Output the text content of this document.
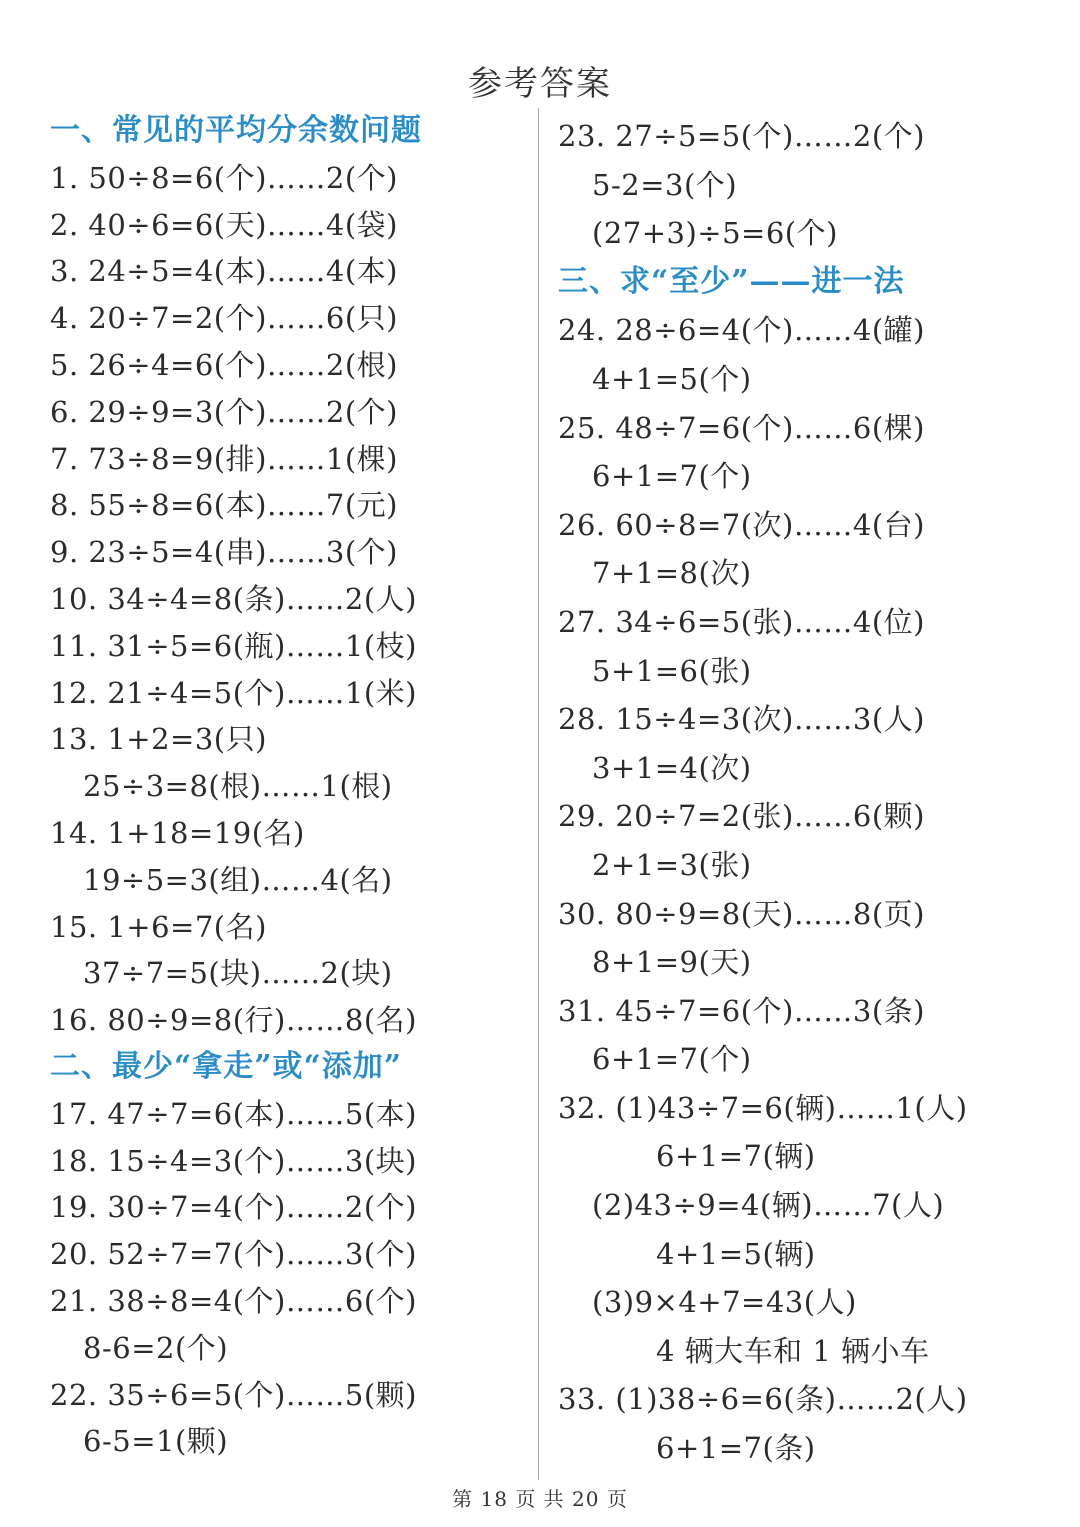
参考答案
一、常见的平均分余数问题
1. 50÷8=6(个)……2(个)
2. 40÷6=6(天)……4(袋)
3. 24÷5=4(本)……4(本)
4. 20÷7=2(个)……6(只)
5. 26÷4=6(个)……2(根)
6. 29÷9=3(个)……2(个)
7. 73÷8=9(排)……1(棵)
8. 55÷8=6(本)……7(元)
9. 23÷5=4(串)……3(个)
10. 34÷4=8(条)……2(人)
11. 31÷5=6(瓶)……1(枝)
12. 21÷4=5(个)……1(米)
13. 1+2=3(只)
25÷3=8(根)……1(根)
14. 1+18=19(名)
19÷5=3(组)……4(名)
15. 1+6=7(名)
37÷7=5(块)……2(块)
16. 80÷9=8(行)……8(名)
二、最少“拿走”或“添加”
17. 47÷7=6(本)……5(本)
18. 15÷4=3(个)……3(块)
19. 30÷7=4(个)……2(个)
20. 52÷7=7(个)……3(个)
21. 38÷8=4(个)……6(个)
8-6=2(个)
22. 35÷6=5(个)……5(颗)
6-5=1(颗)
23. 27÷5=5(个)……2(个)
5-2=3(个)
(27+3)÷5=6(个)
三、求“至少”——进一法
24. 28÷6=4(个)……4(罐)
4+1=5(个)
25. 48÷7=6(个)……6(棵)
6+1=7(个)
26. 60÷8=7(次)……4(台)
7+1=8(次)
27. 34÷6=5(张)……4(位)
5+1=6(张)
28. 15÷4=3(次)……3(人)
3+1=4(次)
29. 20÷7=2(张)……6(颗)
2+1=3(张)
30. 80÷9=8(天)……8(页)
8+1=9(天)
31. 45÷7=6(个)……3(条)
6+1=7(个)
32. (1)43÷7=6(辆)……1(人)
6+1=7(辆)
(2)43÷9=4(辆)……7(人)
4+1=5(辆)
(3)9×4+7=43(人)
4 辆大车和 1 辆小车
33. (1)38÷6=6(条)……2(人)
6+1=7(条)
第 18 页 共 20 页
